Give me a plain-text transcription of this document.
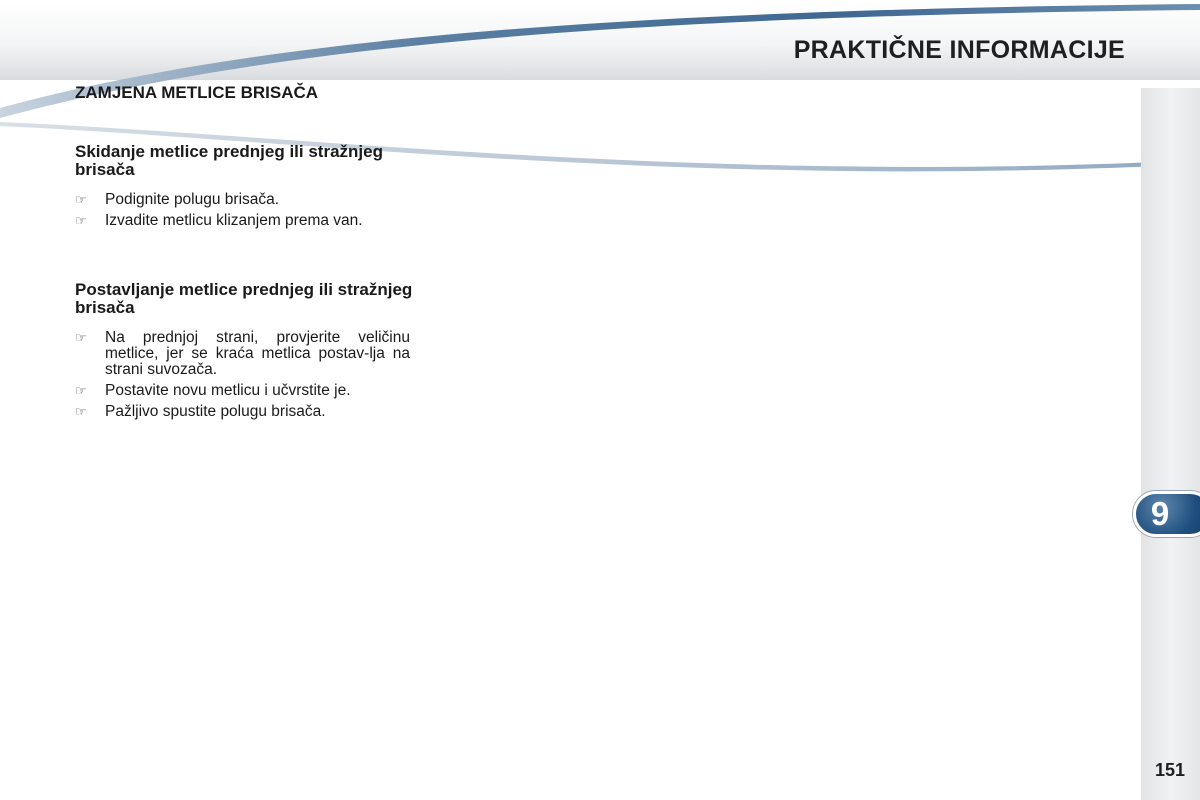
PRAKTIČNE INFORMACIJE
9
ZAMJENA METLICE BRISAČA
Skidanje metlice prednjeg ili stražnjeg brisača
☞ Podignite polugu brisača.
☞ Izvadite metlicu klizanjem prema van.
Postavljanje metlice prednjeg ili stražnjeg brisača
☞ Na prednjoj strani, provjerite veličinu metlice, jer se kraća metlica postav-lja na strani suvozača.
☞ Postavite novu metlicu i učvrstite je.
☞ Pažljivo spustite polugu brisača.
151
